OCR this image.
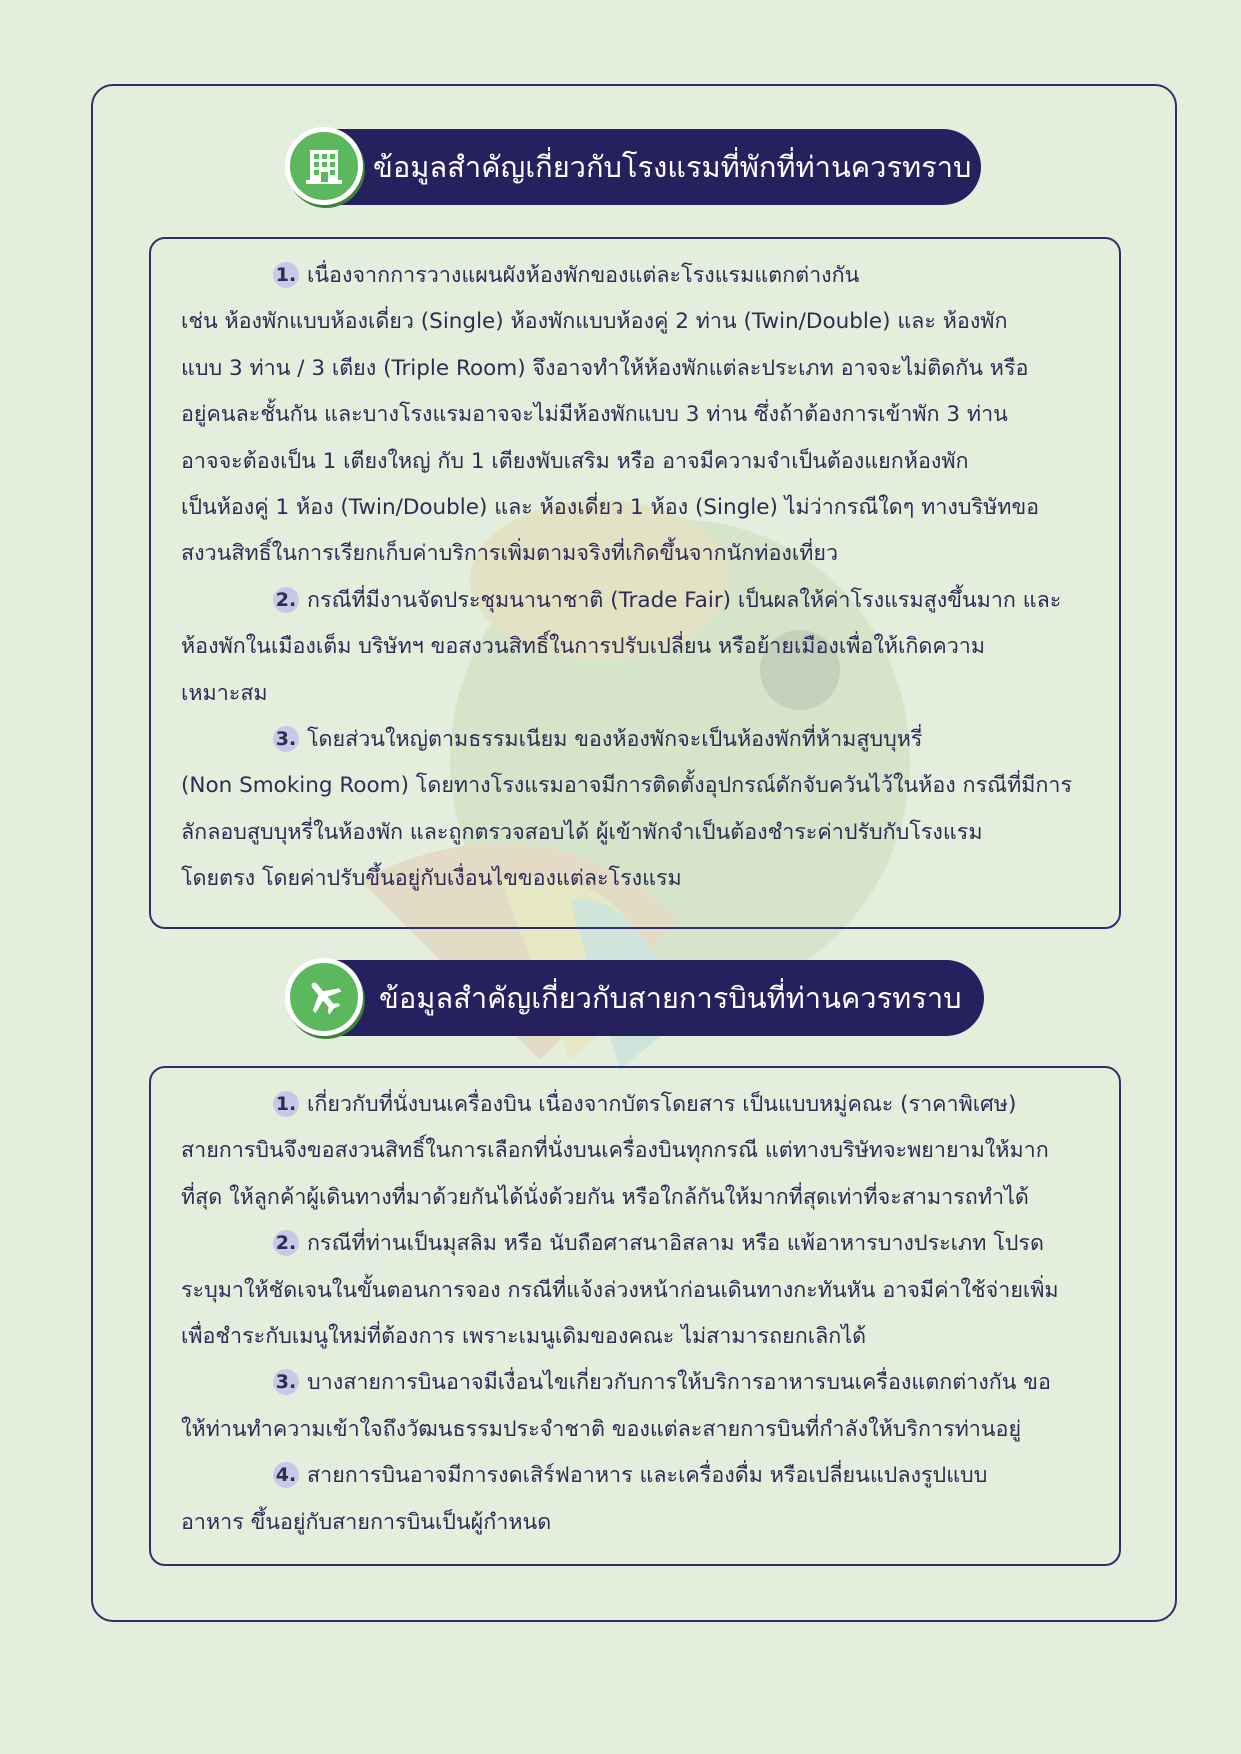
ข้อมูลสำคัญเกี่ยวกับโรงแรมที่พักที่ท่านควรทราบ

1. เนื่องจากการวางแผนผังห้องพักของแต่ละโรงแรมแตกต่างกัน
เช่น ห้องพักแบบห้องเดี่ยว (Single) ห้องพักแบบห้องคู่ 2 ท่าน (Twin/Double) และ ห้องพัก
แบบ 3 ท่าน / 3 เตียง (Triple Room) จึงอาจทำให้ห้องพักแต่ละประเภท อาจจะไม่ติดกัน หรือ
อยู่คนละชั้นกัน และบางโรงแรมอาจจะไม่มีห้องพักแบบ 3 ท่าน ซึ่งถ้าต้องการเข้าพัก 3 ท่าน
อาจจะต้องเป็น 1 เตียงใหญ่ กับ 1 เตียงพับเสริม หรือ อาจมีความจำเป็นต้องแยกห้องพัก
เป็นห้องคู่ 1 ห้อง (Twin/Double) และ ห้องเดี่ยว 1 ห้อง (Single) ไม่ว่ากรณีใดๆ ทางบริษัทขอ
สงวนสิทธิ์ในการเรียกเก็บค่าบริการเพิ่มตามจริงที่เกิดขึ้นจากนักท่องเที่ยว

2. กรณีที่มีงานจัดประชุมนานาชาติ (Trade Fair) เป็นผลให้ค่าโรงแรมสูงขึ้นมาก และ
ห้องพักในเมืองเต็ม บริษัทฯ ขอสงวนสิทธิ์ในการปรับเปลี่ยน หรือย้ายเมืองเพื่อให้เกิดความ
เหมาะสม

3. โดยส่วนใหญ่ตามธรรมเนียม ของห้องพักจะเป็นห้องพักที่ห้ามสูบบุหรี่
(Non Smoking Room) โดยทางโรงแรมอาจมีการติดตั้งอุปกรณ์ดักจับควันไว้ในห้อง กรณีที่มีการ
ลักลอบสูบบุหรี่ในห้องพัก และถูกตรวจสอบได้ ผู้เข้าพักจำเป็นต้องชำระค่าปรับกับโรงแรม
โดยตรง โดยค่าปรับขึ้นอยู่กับเงื่อนไขของแต่ละโรงแรม

ข้อมูลสำคัญเกี่ยวกับสายการบินที่ท่านควรทราบ

1. เกี่ยวกับที่นั่งบนเครื่องบิน เนื่องจากบัตรโดยสาร เป็นแบบหมู่คณะ (ราคาพิเศษ)
สายการบินจึงขอสงวนสิทธิ์ในการเลือกที่นั่งบนเครื่องบินทุกกรณี แต่ทางบริษัทจะพยายามให้มาก
ที่สุด ให้ลูกค้าผู้เดินทางที่มาด้วยกันได้นั่งด้วยกัน หรือใกล้กันให้มากที่สุดเท่าที่จะสามารถทำได้

2. กรณีที่ท่านเป็นมุสลิม หรือ นับถือศาสนาอิสลาม หรือ แพ้อาหารบางประเภท โปรด
ระบุมาให้ชัดเจนในขั้นตอนการจอง กรณีที่แจ้งล่วงหน้าก่อนเดินทางกะทันหัน อาจมีค่าใช้จ่ายเพิ่ม
เพื่อชำระกับเมนูใหม่ที่ต้องการ เพราะเมนูเดิมของคณะ ไม่สามารถยกเลิกได้

3. บางสายการบินอาจมีเงื่อนไขเกี่ยวกับการให้บริการอาหารบนเครื่องแตกต่างกัน ขอ
ให้ท่านทำความเข้าใจถึงวัฒนธรรมประจำชาติ ของแต่ละสายการบินที่กำลังให้บริการท่านอยู่

4. สายการบินอาจมีการงดเสิร์ฟอาหาร และเครื่องดื่ม หรือเปลี่ยนแปลงรูปแบบ
อาหาร ขึ้นอยู่กับสายการบินเป็นผู้กำหนด
